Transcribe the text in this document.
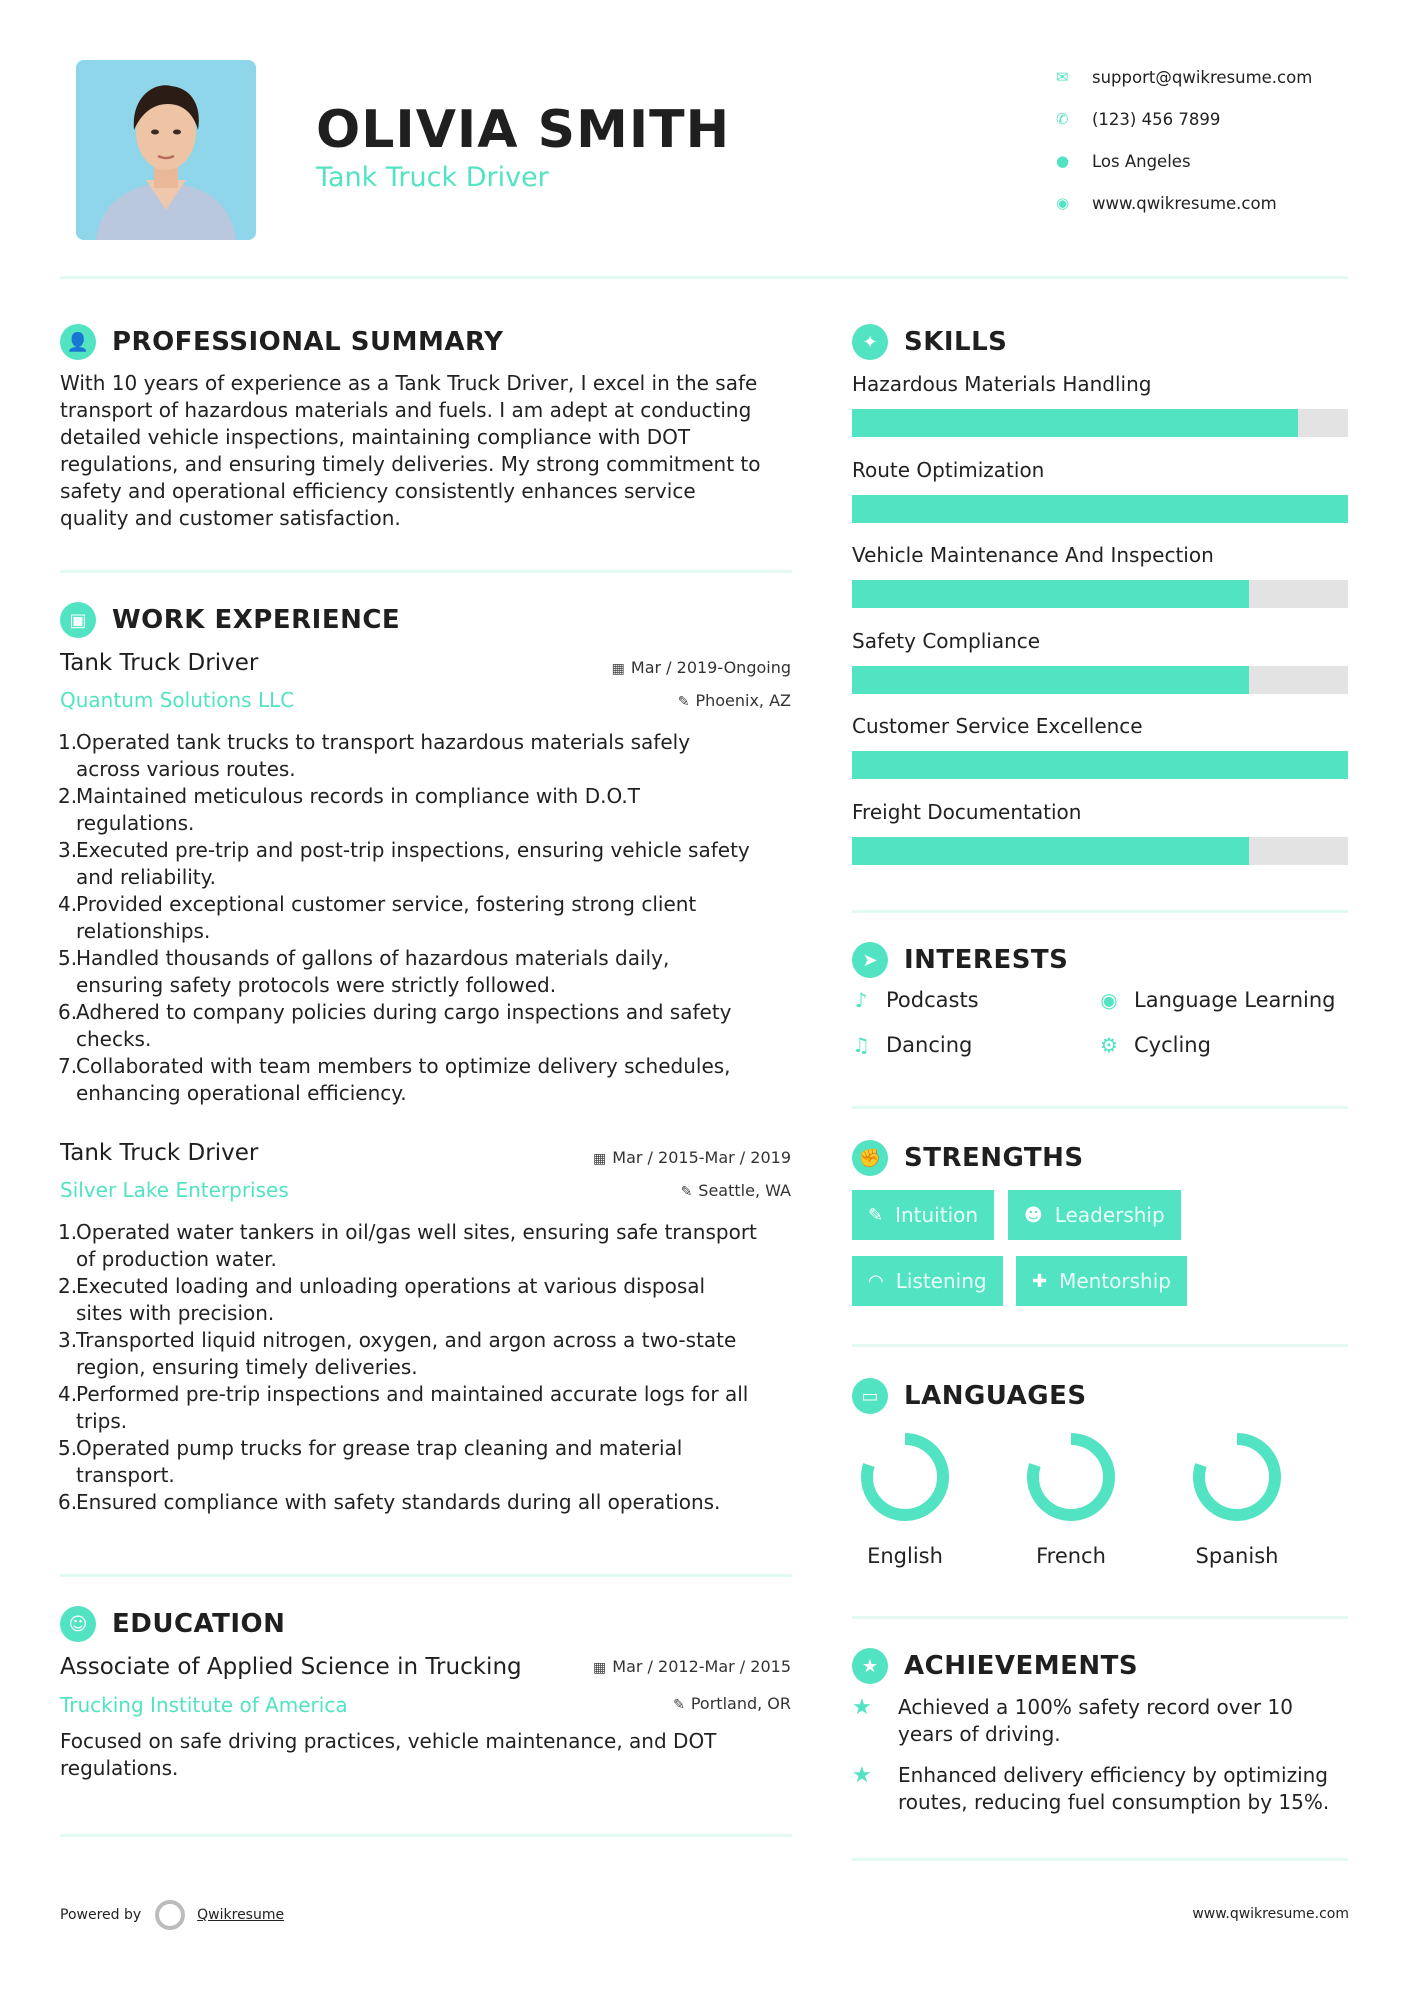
OLIVIA SMITH
Tank Truck Driver
✉	support@qwikresume.com
✆	(123) 456 7899
●	Los Angeles
◉	www.qwikresume.com
👤 PROFESSIONAL SUMMARY
With 10 years of experience as a Tank Truck Driver, I excel in the safe
transport of hazardous materials and fuels. I am adept at conducting
detailed vehicle inspections, maintaining compliance with DOT
regulations, and ensuring timely deliveries. My strong commitment to
safety and operational efficiency consistently enhances service
quality and customer satisfaction.
▣ WORK EXPERIENCE
Tank Truck Driver
Quantum Solutions LLC
▦ Mar / 2019-Ongoing
✎ Phoenix, AZ
1.
Operated tank trucks to transport hazardous materials safely
across various routes.
2.
Maintained meticulous records in compliance with D.O.T
regulations.
3.
Executed pre-trip and post-trip inspections, ensuring vehicle safety
and reliability.
4.
Provided exceptional customer service, fostering strong client
relationships.
5.
Handled thousands of gallons of hazardous materials daily,
ensuring safety protocols were strictly followed.
6.
Adhered to company policies during cargo inspections and safety
checks.
7.
Collaborated with team members to optimize delivery schedules,
enhancing operational efficiency.
Tank Truck Driver
Silver Lake Enterprises
▦ Mar / 2015-Mar / 2019
✎ Seattle, WA
1.
Operated water tankers in oil/gas well sites, ensuring safe transport
of production water.
2.
Executed loading and unloading operations at various disposal
sites with precision.
3.
Transported liquid nitrogen, oxygen, and argon across a two-state
region, ensuring timely deliveries.
4.
Performed pre-trip inspections and maintained accurate logs for all
trips.
5.
Operated pump trucks for grease trap cleaning and material
transport.
6.
Ensured compliance with safety standards during all operations.
☺ EDUCATION
Associate of Applied Science in Trucking
Trucking Institute of America
▦ Mar / 2012-Mar / 2015
✎ Portland, OR
Focused on safe driving practices, vehicle maintenance, and DOT
regulations.
✦	SKILLS
Hazardous Materials Handling
Route Optimization
Vehicle Maintenance And Inspection
Safety Compliance
Customer Service Excellence
Freight Documentation
➤	INTERESTS
♪ Podcasts	◉ Language Learning
♫ Dancing	⚙ Cycling
✊ STRENGTHS
✎ Intuition	☻ Leadership
◠ Listening	✚ Mentorship
▭ LANGUAGES
English	French	Spanish
★ ACHIEVEMENTS
★	Achieved a 100% safety record over 10
years of driving.
★	Enhanced delivery efficiency by optimizing
routes, reducing fuel consumption by 15%.
Powered by	Qwikresume	www.qwikresume.com
